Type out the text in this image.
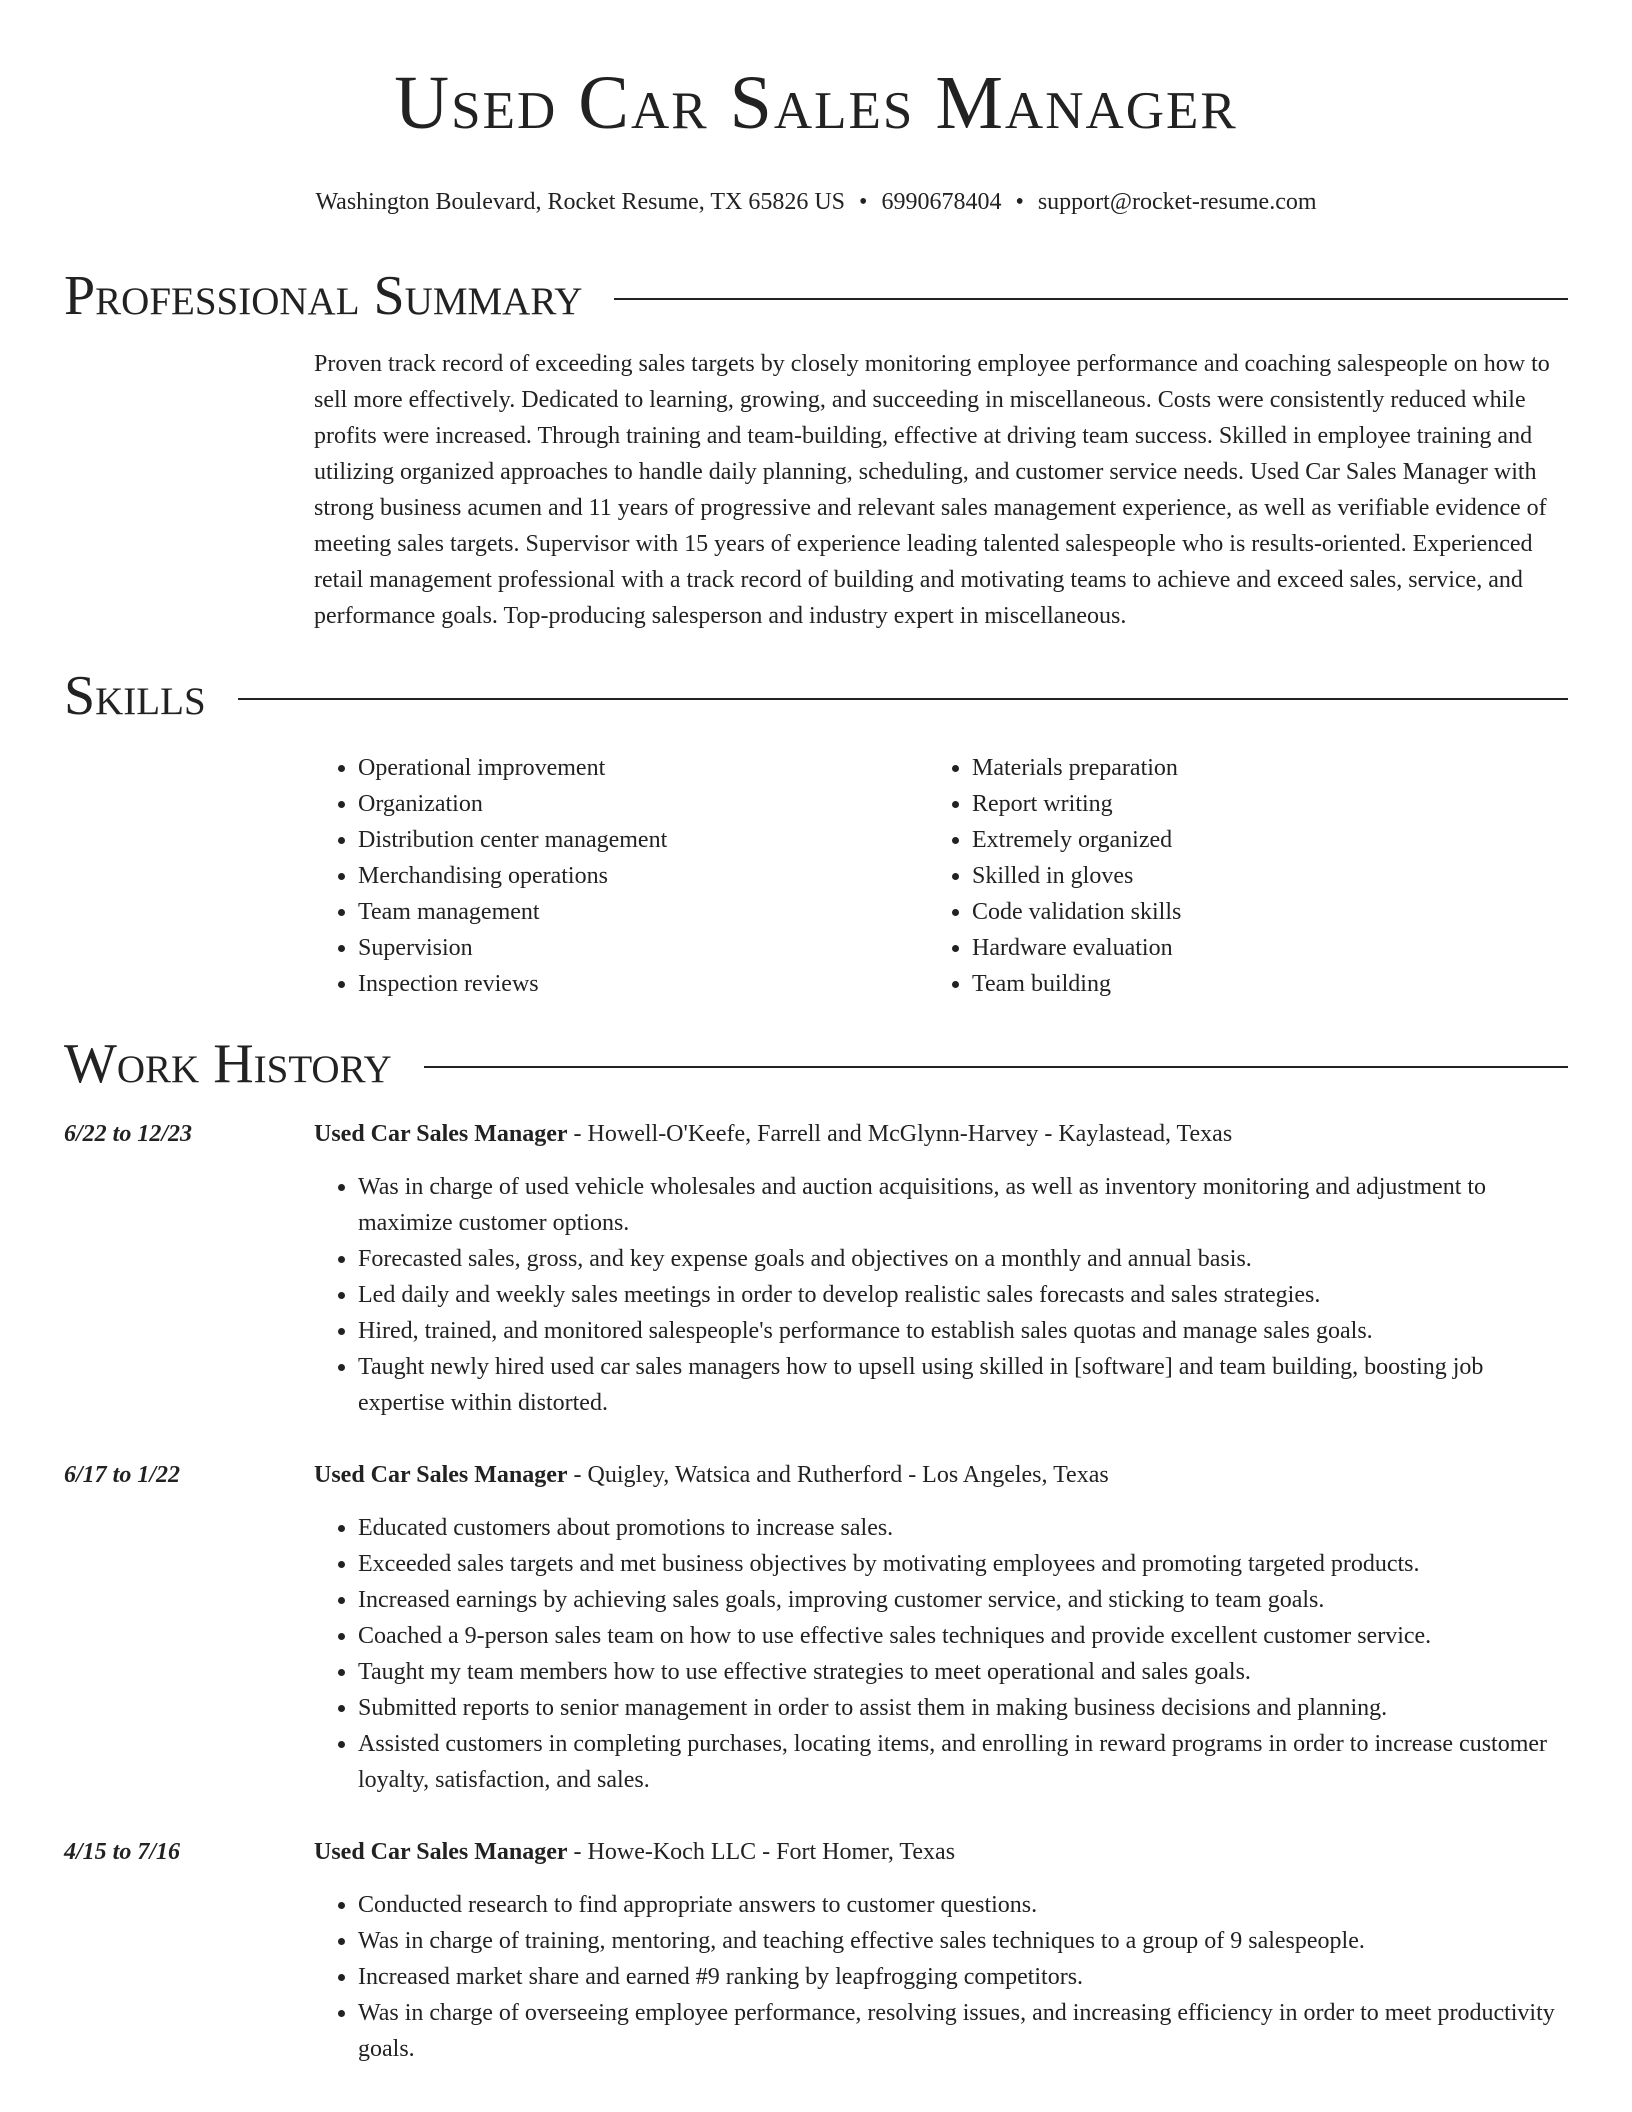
Used Car Sales Manager
Washington Boulevard, Rocket Resume, TX 65826 US • 6990678404 • support@rocket-resume.com
Professional Summary
Proven track record of exceeding sales targets by closely monitoring employee performance and coaching salespeople on how to sell more effectively. Dedicated to learning, growing, and succeeding in miscellaneous. Costs were consistently reduced while profits were increased. Through training and team-building, effective at driving team success. Skilled in employee training and utilizing organized approaches to handle daily planning, scheduling, and customer service needs. Used Car Sales Manager with strong business acumen and 11 years of progressive and relevant sales management experience, as well as verifiable evidence of meeting sales targets. Supervisor with 15 years of experience leading talented salespeople who is results-oriented. Experienced retail management professional with a track record of building and motivating teams to achieve and exceed sales, service, and performance goals. Top-producing salesperson and industry expert in miscellaneous.
Skills
• Operational improvement
• Organization
• Distribution center management
• Merchandising operations
• Team management
• Supervision
• Inspection reviews
• Materials preparation
• Report writing
• Extremely organized
• Skilled in gloves
• Code validation skills
• Hardware evaluation
• Team building
Work History
6/22 to 12/23	Used Car Sales Manager - Howell-O'Keefe, Farrell and McGlynn-Harvey - Kaylastead, Texas
• Was in charge of used vehicle wholesales and auction acquisitions, as well as inventory monitoring and adjustment to maximize customer options.
• Forecasted sales, gross, and key expense goals and objectives on a monthly and annual basis.
• Led daily and weekly sales meetings in order to develop realistic sales forecasts and sales strategies.
• Hired, trained, and monitored salespeople's performance to establish sales quotas and manage sales goals.
• Taught newly hired used car sales managers how to upsell using skilled in [software] and team building, boosting job expertise within distorted.
6/17 to 1/22	Used Car Sales Manager - Quigley, Watsica and Rutherford - Los Angeles, Texas
• Educated customers about promotions to increase sales.
• Exceeded sales targets and met business objectives by motivating employees and promoting targeted products.
• Increased earnings by achieving sales goals, improving customer service, and sticking to team goals.
• Coached a 9-person sales team on how to use effective sales techniques and provide excellent customer service.
• Taught my team members how to use effective strategies to meet operational and sales goals.
• Submitted reports to senior management in order to assist them in making business decisions and planning.
• Assisted customers in completing purchases, locating items, and enrolling in reward programs in order to increase customer loyalty, satisfaction, and sales.
4/15 to 7/16	Used Car Sales Manager - Howe-Koch LLC - Fort Homer, Texas
• Conducted research to find appropriate answers to customer questions.
• Was in charge of training, mentoring, and teaching effective sales techniques to a group of 9 salespeople.
• Increased market share and earned #9 ranking by leapfrogging competitors.
• Was in charge of overseeing employee performance, resolving issues, and increasing efficiency in order to meet productivity goals.
